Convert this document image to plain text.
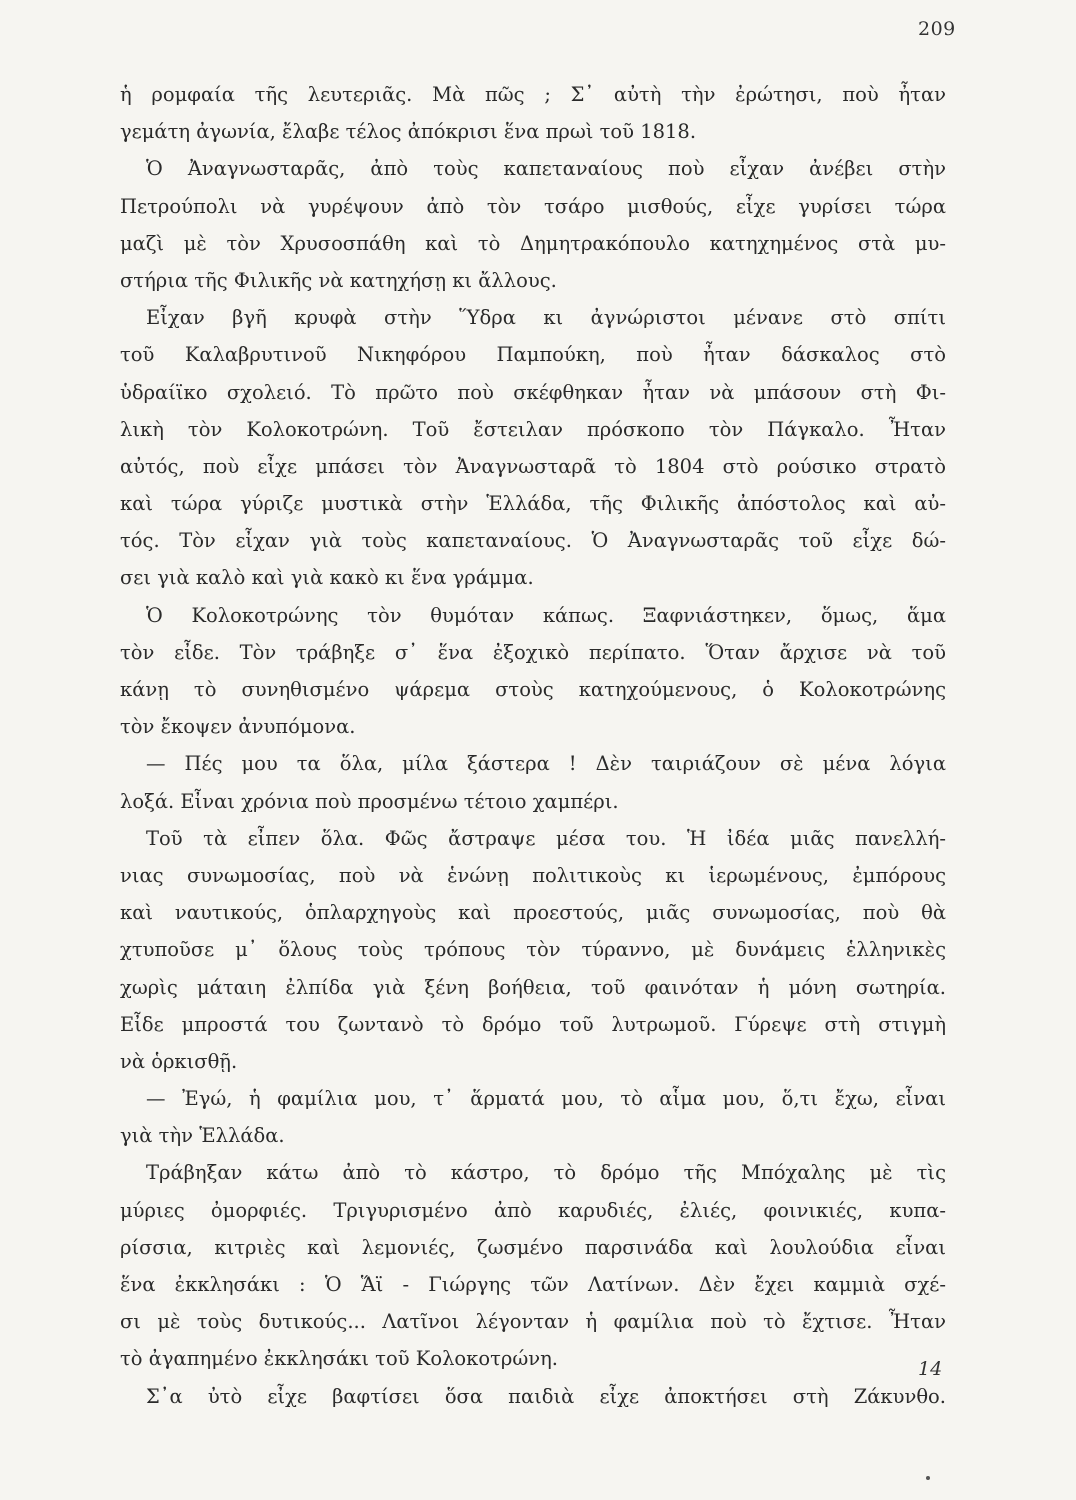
209
ἡ ρομφαία τῆς λευτεριᾶς. Μὰ πῶς ; Σ᾿ αὐτὴ τὴν ἐρώτησι, ποὺ ἦταν
γεμάτη ἀγωνία, ἔλαβε τέλος ἀπόκρισι ἕνα πρωὶ τοῦ 1818.
Ὁ Ἀναγνωσταρᾶς, ἀπὸ τοὺς καπεταναίους ποὺ εἶχαν ἀνέβει στὴν
Πετρούπολι νὰ γυρέψουν ἀπὸ τὸν τσάρο μισθούς, εἶχε γυρίσει τώρα
μαζὶ μὲ τὸν Χρυσοσπάθη καὶ τὸ Δημητρακόπουλο κατηχημένος στὰ μυ-
στήρια τῆς Φιλικῆς νὰ κατηχήσῃ κι ἄλλους.
Εἶχαν βγῆ κρυφὰ στὴν Ὕδρα κι ἀγνώριστοι μένανε στὸ σπίτι
τοῦ Καλαβρυτινοῦ Νικηφόρου Παμπούκη, ποὺ ἦταν δάσκαλος στὸ
ὑδραίϊκο σχολειό. Τὸ πρῶτο ποὺ σκέφθηκαν ἦταν νὰ μπάσουν στὴ Φι-
λικὴ τὸν Κολοκοτρώνη. Τοῦ ἔστειλαν πρόσκοπο τὸν Πάγκαλο. Ἦταν
αὐτός, ποὺ εἶχε μπάσει τὸν Ἀναγνωσταρᾶ τὸ 1804 στὸ ρούσικο στρατὸ
καὶ τώρα γύριζε μυστικὰ στὴν Ἑλλάδα, τῆς Φιλικῆς ἀπόστολος καὶ αὐ-
τός. Τὸν εἶχαν γιὰ τοὺς καπεταναίους. Ὁ Ἀναγνωσταρᾶς τοῦ εἶχε δώ-
σει γιὰ καλὸ καὶ γιὰ κακὸ κι ἕνα γράμμα.
Ὁ Κολοκοτρώνης τὸν θυμόταν κάπως. Ξαφνιάστηκεν, ὅμως, ἅμα
τὸν εἶδε. Τὸν τράβηξε σ᾿ ἕνα ἐξοχικὸ περίπατο. Ὅταν ἄρχισε νὰ τοῦ
κάνῃ τὸ συνηθισμένο ψάρεμα στοὺς κατηχούμενους, ὁ Κολοκοτρώνης
τὸν ἔκοψεν ἀνυπόμονα.
— Πές μου τα ὅλα, μίλα ξάστερα ! Δὲν ταιριάζουν σὲ μένα λόγια
λοξά. Εἶναι χρόνια ποὺ προσμένω τέτοιο χαμπέρι.
Τοῦ τὰ εἶπεν ὅλα. Φῶς ἄστραψε μέσα του. Ἡ ἰδέα μιᾶς πανελλή-
νιας συνωμοσίας, ποὺ νὰ ἑνώνῃ πολιτικοὺς κι ἱερωμένους, ἐμπόρους
καὶ ναυτικούς, ὁπλαρχηγοὺς καὶ προεστούς, μιᾶς συνωμοσίας, ποὺ θὰ
χτυποῦσε μ᾿ ὅλους τοὺς τρόπους τὸν τύραννο, μὲ δυνάμεις ἑλληνικὲς
χωρὶς μάταιη ἐλπίδα γιὰ ξένη βοήθεια, τοῦ φαινόταν ἡ μόνη σωτηρία.
Εἶδε μπροστά του ζωντανὸ τὸ δρόμο τοῦ λυτρωμοῦ. Γύρεψε στὴ στιγμὴ
νὰ ὁρκισθῇ.
— Ἐγώ, ἡ φαμίλια μου, τ᾿ ἅρματά μου, τὸ αἷμα μου, ὅ,τι ἔχω, εἶναι
γιὰ τὴν Ἑλλάδα.
Τράβηξαν κάτω ἀπὸ τὸ κάστρο, τὸ δρόμο τῆς Μπόχαλης μὲ τὶς
μύριες ὀμορφιές. Τριγυρισμένο ἀπὸ καρυδιές, ἐλιές, φοινικιές, κυπα-
ρίσσια, κιτριὲς καὶ λεμονιές, ζωσμένο παρσινάδα καὶ λουλούδια εἶναι
ἕνα ἐκκλησάκι : Ὁ Ἅϊ - Γιώργης τῶν Λατίνων. Δὲν ἔχει καμμιὰ σχέ-
σι μὲ τοὺς δυτικούς... Λατῖνοι λέγονταν ἡ φαμίλια ποὺ τὸ ἔχτισε. Ἦταν
τὸ ἀγαπημένο ἐκκλησάκι τοῦ Κολοκοτρώνη.
Σ᾿α ὐτὸ εἶχε βαφτίσει ὅσα παιδιὰ εἶχε ἀποκτήσει στὴ Ζάκυνθο.
14
